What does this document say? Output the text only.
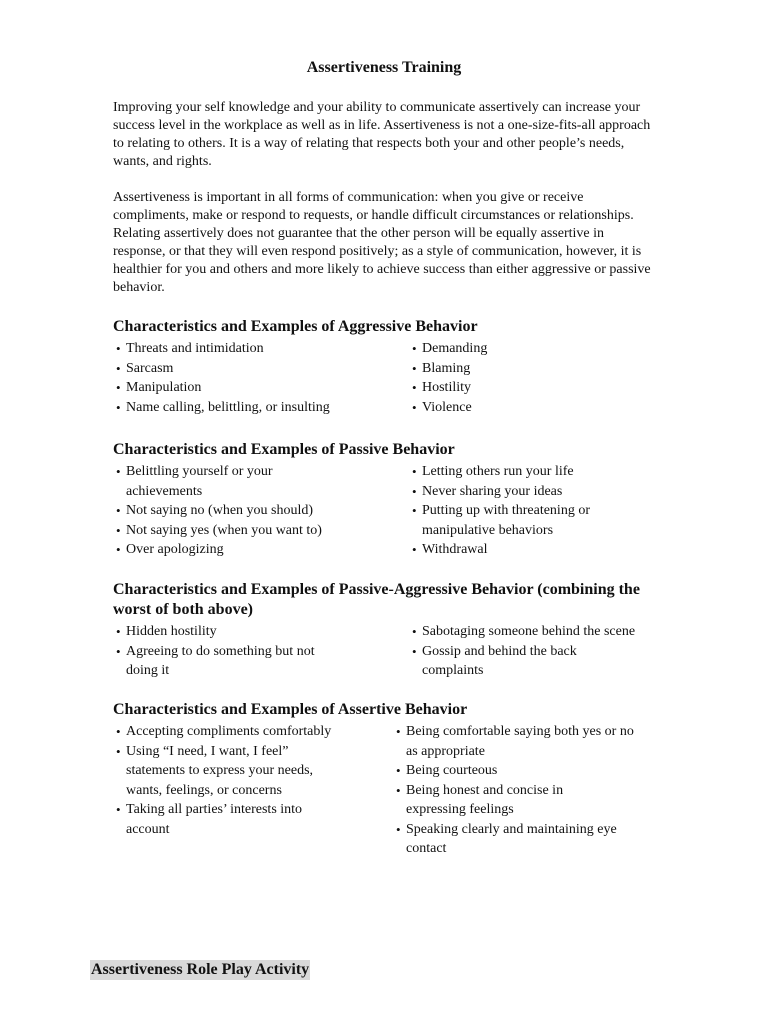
Assertiveness Training

Improving your self knowledge and your ability to communicate assertively can increase your success level in the workplace as well as in life. Assertiveness is not a one-size-fits-all approach to relating to others. It is a way of relating that respects both your and other people’s needs, wants, and rights.

Assertiveness is important in all forms of communication: when you give or receive compliments, make or respond to requests, or handle difficult circumstances or relationships. Relating assertively does not guarantee that the other person will be equally assertive in response, or that they will even respond positively; as a style of communication, however, it is healthier for you and others and more likely to achieve success than either aggressive or passive behavior.

Characteristics and Examples of Aggressive Behavior
• Threats and intimidation
• Sarcasm
• Manipulation
• Name calling, belittling, or insulting
• Demanding
• Blaming
• Hostility
• Violence
Characteristics and Examples of Passive Behavior
• Belittling yourself or your achievements
• Not saying no (when you should)
• Not saying yes (when you want to)
• Over apologizing
• Letting others run your life
• Never sharing your ideas
• Putting up with threatening or manipulative behaviors
• Withdrawal
Characteristics and Examples of Passive-Aggressive Behavior (combining the worst of both above)
• Hidden hostility
• Agreeing to do something but not doing it
• Sabotaging someone behind the scene
• Gossip and behind the back complaints
Characteristics and Examples of Assertive Behavior
• Accepting compliments comfortably
• Using “I need, I want, I feel” statements to express your needs, wants, feelings, or concerns
• Taking all parties’ interests into account
• Being comfortable saying both yes or no as appropriate
• Being courteous
• Being honest and concise in expressing feelings
• Speaking clearly and maintaining eye contact
Assertiveness Role Play Activity
